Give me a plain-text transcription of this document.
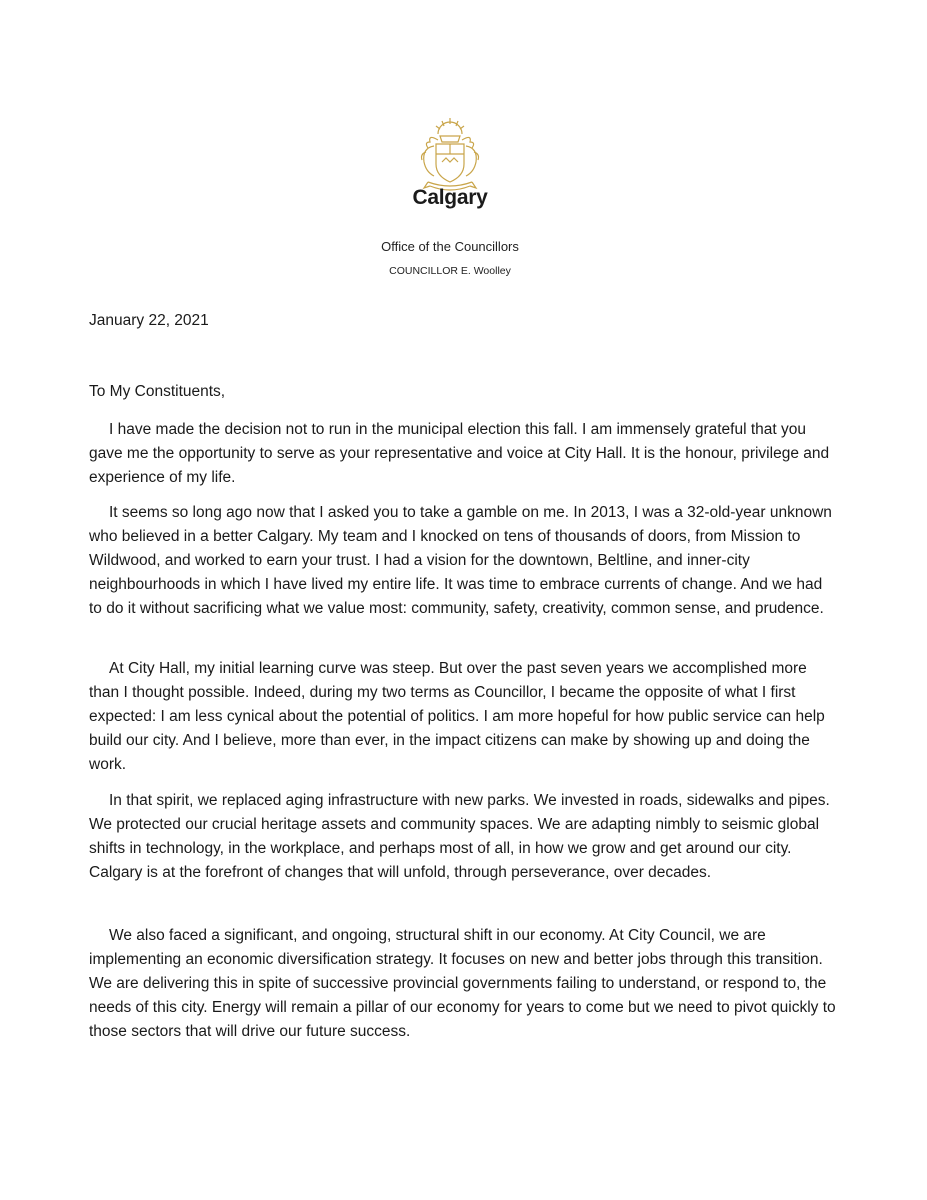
Calgary
Office of the Councillors
COUNCILLOR E. Woolley
January 22, 2021
To My Constituents,

I have made the decision not to run in the municipal election this fall. I am immensely grateful that you gave me the opportunity to serve as your representative and voice at City Hall. It is the honour, privilege and experience of my life.

It seems so long ago now that I asked you to take a gamble on me. In 2013, I was a 32-old-year unknown who believed in a better Calgary. My team and I knocked on tens of thousands of doors, from Mission to Wildwood, and worked to earn your trust. I had a vision for the downtown, Beltline, and inner-city neighbourhoods in which I have lived my entire life. It was time to embrace currents of change. And we had to do it without sacrificing what we value most: community, safety, creativity, common sense, and prudence.

At City Hall, my initial learning curve was steep. But over the past seven years we accomplished more than I thought possible. Indeed, during my two terms as Councillor, I became the opposite of what I first expected: I am less cynical about the potential of politics. I am more hopeful for how public service can help build our city. And I believe, more than ever, in the impact citizens can make by showing up and doing the work.

In that spirit, we replaced aging infrastructure with new parks. We invested in roads, sidewalks and pipes. We protected our crucial heritage assets and community spaces. We are adapting nimbly to seismic global shifts in technology, in the workplace, and perhaps most of all, in how we grow and get around our city. Calgary is at the forefront of changes that will unfold, through perseverance, over decades.

We also faced a significant, and ongoing, structural shift in our economy. At City Council, we are implementing an economic diversification strategy. It focuses on new and better jobs through this transition. We are delivering this in spite of successive provincial governments failing to understand, or respond to, the needs of this city. Energy will remain a pillar of our economy for years to come but we need to pivot quickly to those sectors that will drive our future success.
